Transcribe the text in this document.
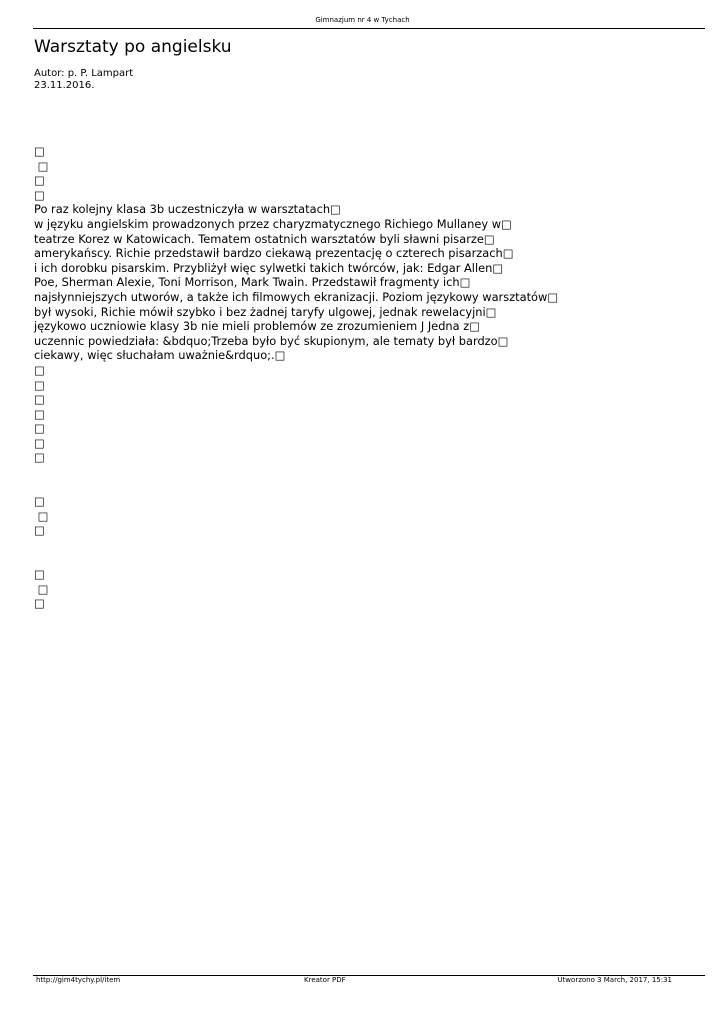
Gimnazjum nr 4 w Tychach
Warsztaty po angielsku
Autor: p. P. Lampart
23.11.2016.
□
□
□
□
Po raz kolejny klasa 3b uczestniczyła w warsztatach□
w języku angielskim prowadzonych przez charyzmatycznego Richiego Mullaney w□
teatrze Korez w Katowicach. Tematem ostatnich warsztatów byli sławni pisarze□
amerykańscy. Richie przedstawił bardzo ciekawą prezentację o czterech pisarzach□
i ich dorobku pisarskim. Przybliżył więc sylwetki takich twórców, jak: Edgar Allen□
Poe, Sherman Alexie, Toni Morrison, Mark Twain. Przedstawił fragmenty ich□
najsłynniejszych utworów, a także ich filmowych ekranizacji. Poziom językowy warsztatów□
był wysoki, Richie mówił szybko i bez żadnej taryfy ulgowej, jednak rewelacyjni□
językowo uczniowie klasy 3b nie mieli problemów ze zrozumieniem J Jedna z□
uczennic powiedziała: &bdquo;Trzeba było być skupionym, ale tematy był bardzo□
ciekawy, więc słuchałam uważnie&rdquo;.□
□
□
□
□
□
□
□
□
□
□
□
□
□
http://gim4tychy.pl/item	Kreator PDF	Utworzono 3 March, 2017, 15:31
